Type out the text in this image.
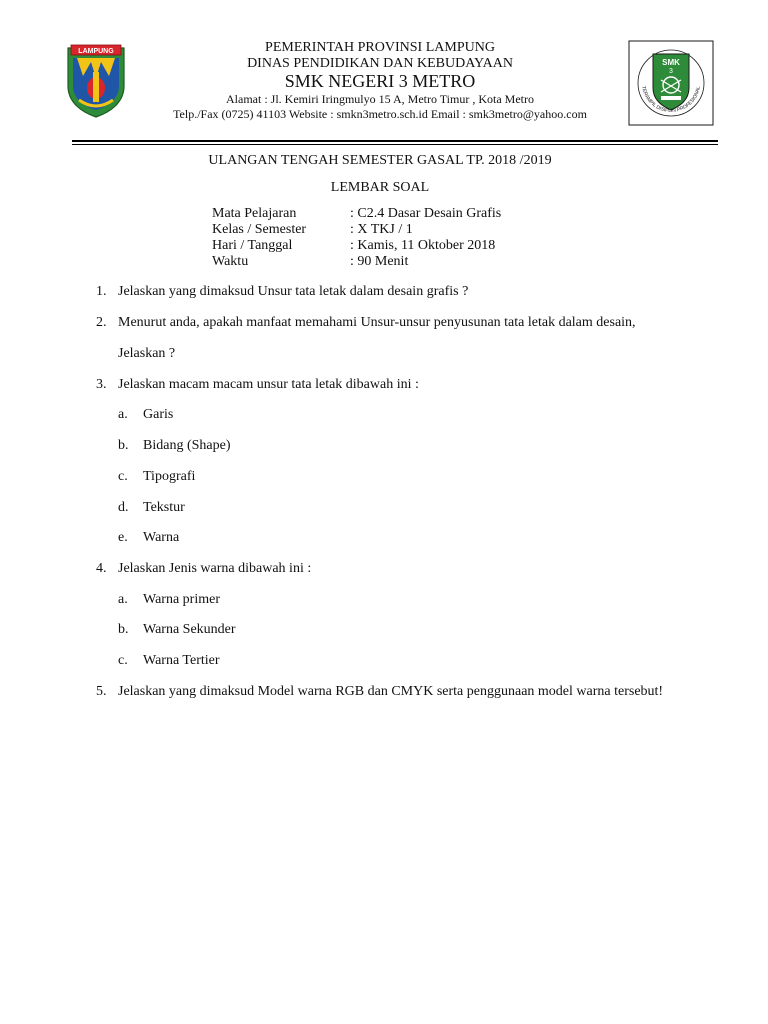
LAMPUNG
SMK
3
TERAMPIL DISIPLIN PROFESIONAL
PEMERINTAH PROVINSI LAMPUNG
DINAS PENDIDIKAN DAN KEBUDAYAAN
SMK NEGERI 3 METRO
Alamat : Jl. Kemiri Iringmulyo 15 A, Metro Timur , Kota Metro
Telp./Fax (0725) 41103 Website : smkn3metro.sch.id Email : smk3metro@yahoo.com
ULANGAN TENGAH SEMESTER GASAL TP. 2018 /2019
LEMBAR SOAL
Mata Pelajaran	: C2.4 Dasar Desain Grafis
Kelas / Semester	: X TKJ / 1
Hari / Tanggal	: Kamis, 11 Oktober 2018
Waktu	: 90 Menit
1. Jelaskan yang dimaksud Unsur tata letak dalam desain grafis ?
2. Menurut anda, apakah manfaat memahami Unsur-unsur penyusunan tata letak dalam desain,
Jelaskan ?
3. Jelaskan macam macam unsur tata letak dibawah ini :
a. Garis
b. Bidang (Shape)
c. Tipografi
d. Tekstur
e. Warna
4. Jelaskan Jenis warna dibawah ini :
a. Warna primer
b. Warna Sekunder
c. Warna Tertier
5. Jelaskan yang dimaksud Model warna RGB dan CMYK serta penggunaan model warna tersebut!
